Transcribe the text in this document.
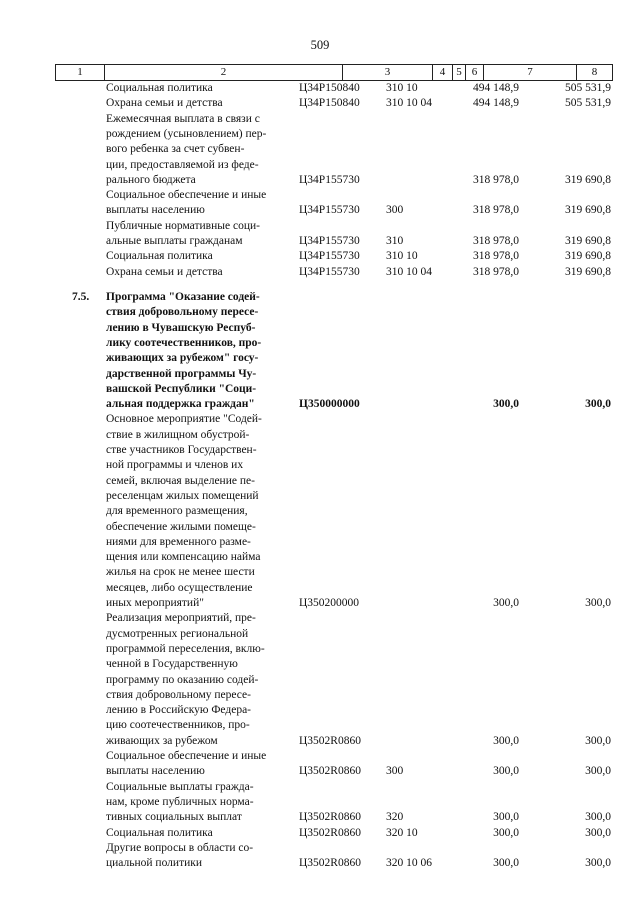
509
1	2	3	4	5 6	7	8
Социальная политика	Ц34Р150840 310 10	494 148,9	505 531,9
Охрана семьи и детства	Ц34Р150840 310 10 04	494 148,9	505 531,9
Ежемесячная выплата в связи с
рождением (усыновлением) пер-
вого ребенка за счет субвен-
ции, предоставляемой из феде-
рального бюджета	Ц34Р155730	318 978,0	319 690,8
Социальное обеспечение и иные
выплаты населению	Ц34Р155730 300	318 978,0	319 690,8
Публичные нормативные соци-
альные выплаты гражданам	Ц34Р155730 310	318 978,0	319 690,8
Социальная политика	Ц34Р155730 310 10	318 978,0	319 690,8
Охрана семьи и детства	Ц34Р155730 310 10 04	318 978,0	319 690,8
7.5. Программа "Оказание содей-
ствия добровольному пересе-
лению в Чувашскую Респуб-
лику соотечественников, про-
живающих за рубежом" госу-
дарственной программы Чу-
вашской Республики "Соци-
альная поддержка граждан"	Ц350000000	300,0	300,0
Основное мероприятие "Содей-
ствие в жилищном обустрой-
стве участников Государствен-
ной программы и членов их
семей, включая выделение пе-
реселенцам жилых помещений
для временного размещения,
обеспечение жилыми помеще-
ниями для временного разме-
щения или компенсацию найма
жилья на срок не менее шести
месяцев, либо осуществление
иных мероприятий"	Ц350200000	300,0	300,0
Реализация мероприятий, пре-
дусмотренных региональной
программой переселения, вклю-
ченной в Государственную
программу по оказанию содей-
ствия добровольному пересе-
лению в Российскую Федера-
цию соотечественников, про-
живающих за рубежом	Ц3502R0860	300,0	300,0
Социальное обеспечение и иные
выплаты населению	Ц3502R0860 300	300,0	300,0
Социальные выплаты гражда-
нам, кроме публичных норма-
тивных социальных выплат	Ц3502R0860 320	300,0	300,0
Социальная политика	Ц3502R0860 320 10	300,0	300,0
Другие вопросы в области со-
циальной политики	Ц3502R0860 320 10 06	300,0	300,0
